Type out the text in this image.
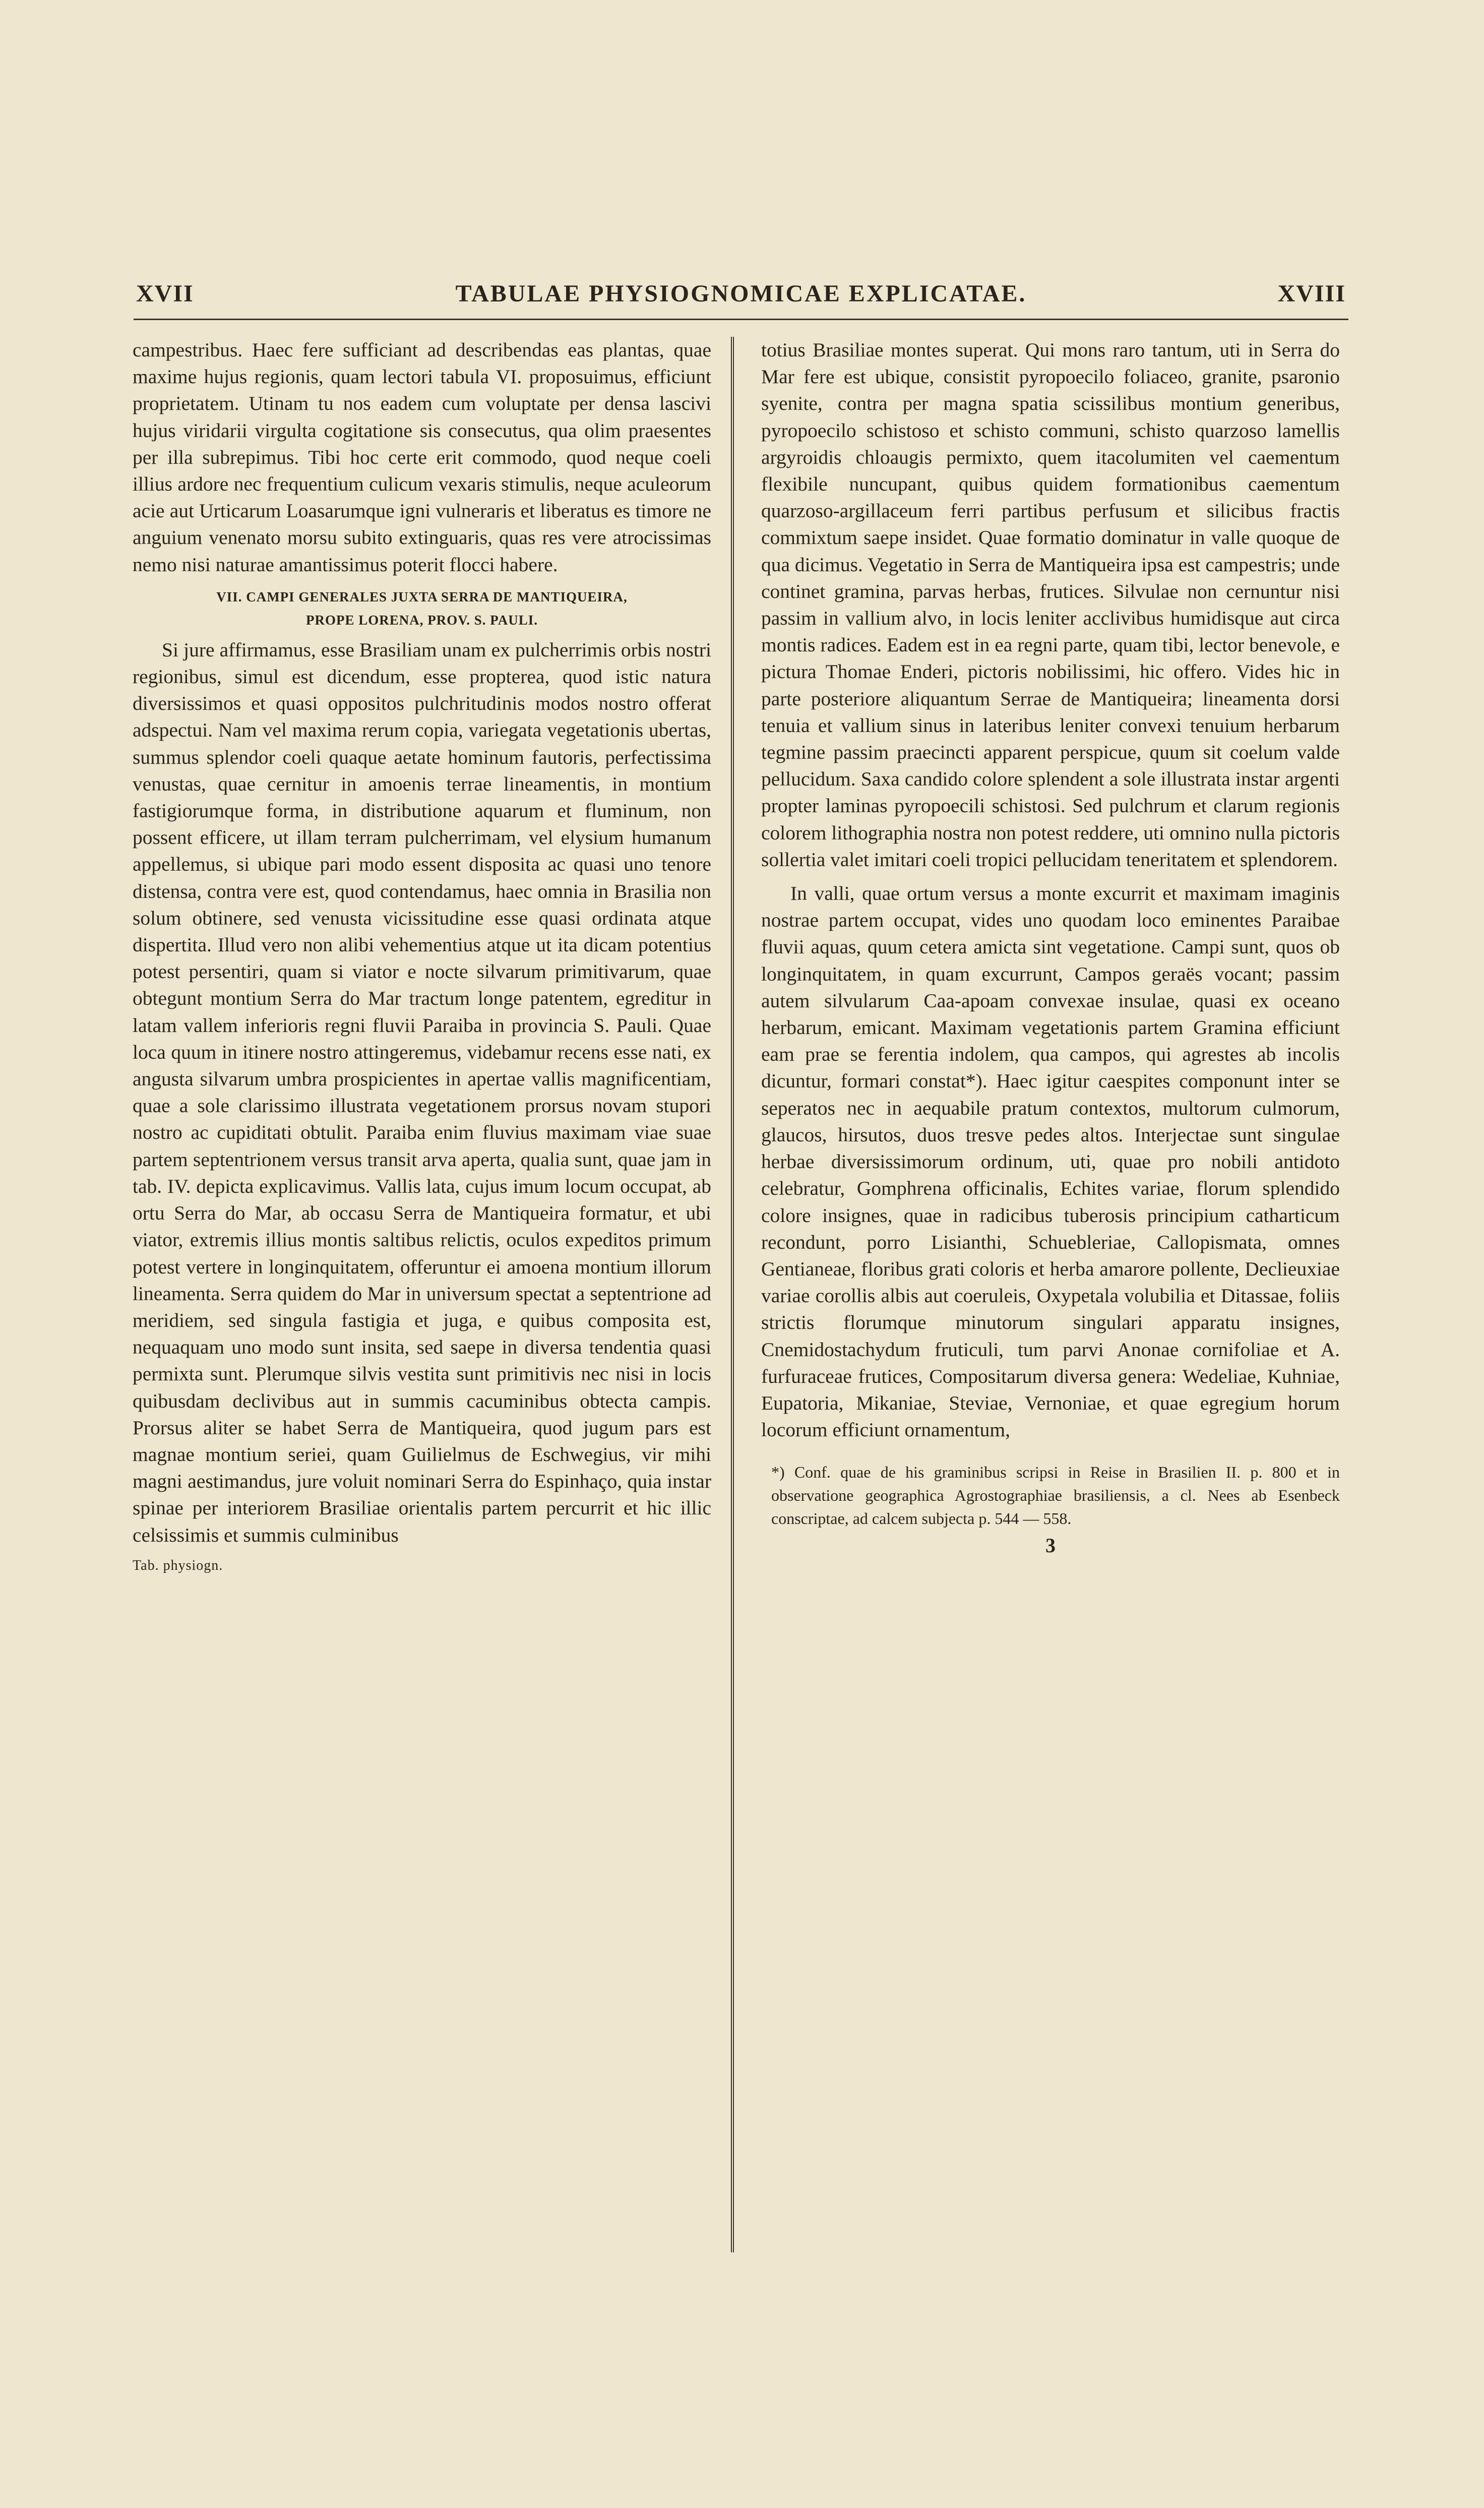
XVII	TABULAE PHYSIOGNOMICAE EXPLICATAE.	XVIII

campestribus. Haec fere sufficiant ad describendas eas plantas, quae maxime hujus regionis, quam lectori tabula VI. proposuimus, efficiunt proprietatem. Utinam tu nos eadem cum voluptate per densa lascivi hujus viridarii virgulta cogitatione sis consecutus, qua olim praesentes per illa subrepimus. Tibi hoc certe erit commodo, quod neque coeli illius ardore nec frequentium culicum vexaris stimulis, neque aculeorum acie aut Urticarum Loasarumque igni vulneraris et liberatus es timore ne anguium venenato morsu subito extinguaris, quas res vere atrocissimas nemo nisi naturae amantissimus poterit flocci habere.

VII. CAMPI GENERALES JUXTA SERRA DE MANTIQUEIRA,
PROPE LORENA, PROV. S. PAULI.

Si jure affirmamus, esse Brasiliam unam ex pulcherrimis orbis nostri regionibus, simul est dicendum, esse propterea, quod istic natura diversissimos et quasi oppositos pulchritudinis modos nostro offerat adspectui. Nam vel maxima rerum copia, variegata vegetationis ubertas, summus splendor coeli quaque aetate hominum fautoris, perfectissima venustas, quae cernitur in amoenis terrae lineamentis, in montium fastigiorumque forma, in distributione aquarum et fluminum, non possent efficere, ut illam terram pulcherrimam, vel elysium humanum appellemus, si ubique pari modo essent disposita ac quasi uno tenore distensa, contra vere est, quod contendamus, haec omnia in Brasilia non solum obtinere, sed venusta vicissitudine esse quasi ordinata atque dispertita. Illud vero non alibi vehementius atque ut ita dicam potentius potest persentiri, quam si viator e nocte silvarum primitivarum, quae obtegunt montium Serra do Mar tractum longe patentem, egreditur in latam vallem inferioris regni fluvii Paraiba in provincia S. Pauli. Quae loca quum in itinere nostro attingeremus, videbamur recens esse nati, ex angusta silvarum umbra prospicientes in apertae vallis magnificentiam, quae a sole clarissimo illustrata vegetationem prorsus novam stupori nostro ac cupiditati obtulit. Paraiba enim fluvius maximam viae suae partem septentrionem versus transit arva aperta, qualia sunt, quae jam in tab. IV. depicta explicavimus. Vallis lata, cujus imum locum occupat, ab ortu Serra do Mar, ab occasu Serra de Mantiqueira formatur, et ubi viator, extremis illius montis saltibus relictis, oculos expeditos primum potest vertere in longinquitatem, offeruntur ei amoena montium illorum lineamenta. Serra quidem do Mar in universum spectat a septentrione ad meridiem, sed singula fastigia et juga, e quibus composita est, nequaquam uno modo sunt insita, sed saepe in diversa tendentia quasi permixta sunt. Plerumque silvis vestita sunt primitivis nec nisi in locis quibusdam declivibus aut in summis cacuminibus obtecta campis. Prorsus aliter se habet Serra de Mantiqueira, quod jugum pars est magnae montium seriei, quam Guilielmus de Eschwegius, vir mihi magni aestimandus, jure voluit nominari Serra do Espinhaço, quia instar spinae per interiorem Brasiliae orientalis partem percurrit et hic illic celsissimis et summis culminibus

Tab. physiogn.

totius Brasiliae montes superat. Qui mons raro tantum, uti in Serra do Mar fere est ubique, consistit pyropoecilo foliaceo, granite, psaronio syenite, contra per magna spatia scissilibus montium generibus, pyropoecilo schistoso et schisto communi, schisto quarzoso lamellis argyroidis chloaugis permixto, quem itacolumiten vel caementum flexibile nuncupant, quibus quidem formationibus caementum quarzoso-argillaceum ferri partibus perfusum et silicibus fractis commixtum saepe insidet. Quae formatio dominatur in valle quoque de qua dicimus. Vegetatio in Serra de Mantiqueira ipsa est campestris; unde continet gramina, parvas herbas, frutices. Silvulae non cernuntur nisi passim in vallium alvo, in locis leniter acclivibus humidisque aut circa montis radices. Eadem est in ea regni parte, quam tibi, lector benevole, e pictura Thomae Enderi, pictoris nobilissimi, hic offero. Vides hic in parte posteriore aliquantum Serrae de Mantiqueira; lineamenta dorsi tenuia et vallium sinus in lateribus leniter convexi tenuium herbarum tegmine passim praecincti apparent perspicue, quum sit coelum valde pellucidum. Saxa candido colore splendent a sole illustrata instar argenti propter laminas pyropoecili schistosi. Sed pulchrum et clarum regionis colorem lithographia nostra non potest reddere, uti omnino nulla pictoris sollertia valet imitari coeli tropici pellucidam teneritatem et splendorem.

In valli, quae ortum versus a monte excurrit et maximam imaginis nostrae partem occupat, vides uno quodam loco eminentes Paraibae fluvii aquas, quum cetera amicta sint vegetatione. Campi sunt, quos ob longinquitatem, in quam excurrunt, Campos geraës vocant; passim autem silvularum Caa-apoam convexae insulae, quasi ex oceano herbarum, emicant. Maximam vegetationis partem Gramina efficiunt eam prae se ferentia indolem, qua campos, qui agrestes ab incolis dicuntur, formari constat*). Haec igitur caespites componunt inter se seperatos nec in aequabile pratum contextos, multorum culmorum, glaucos, hirsutos, duos tresve pedes altos. Interjectae sunt singulae herbae diversissimorum ordinum, uti, quae pro nobili antidoto celebratur, Gomphrena officinalis, Echites variae, florum splendido colore insignes, quae in radicibus tuberosis principium catharticum recondunt, porro Lisianthi, Schuebleriae, Callopismata, omnes Gentianeae, floribus grati coloris et herba amarore pollente, Declieuxiae variae corollis albis aut coeruleis, Oxypetala volubilia et Ditassae, foliis strictis florumque minutorum singulari apparatu insignes, Cnemidostachydum fruticuli, tum parvi Anonae cornifoliae et A. furfuraceae frutices, Compositarum diversa genera: Wedeliae, Kuhniae, Eupatoria, Mikaniae, Steviae, Vernoniae, et quae egregium horum locorum efficiunt ornamentum,

*) Conf. quae de his graminibus scripsi in Reise in Brasilien II. p. 800 et in observatione geographica Agrostographiae brasiliensis, a cl. Nees ab Esenbeck conscriptae, ad calcem subjecta p. 544 — 558.
3
